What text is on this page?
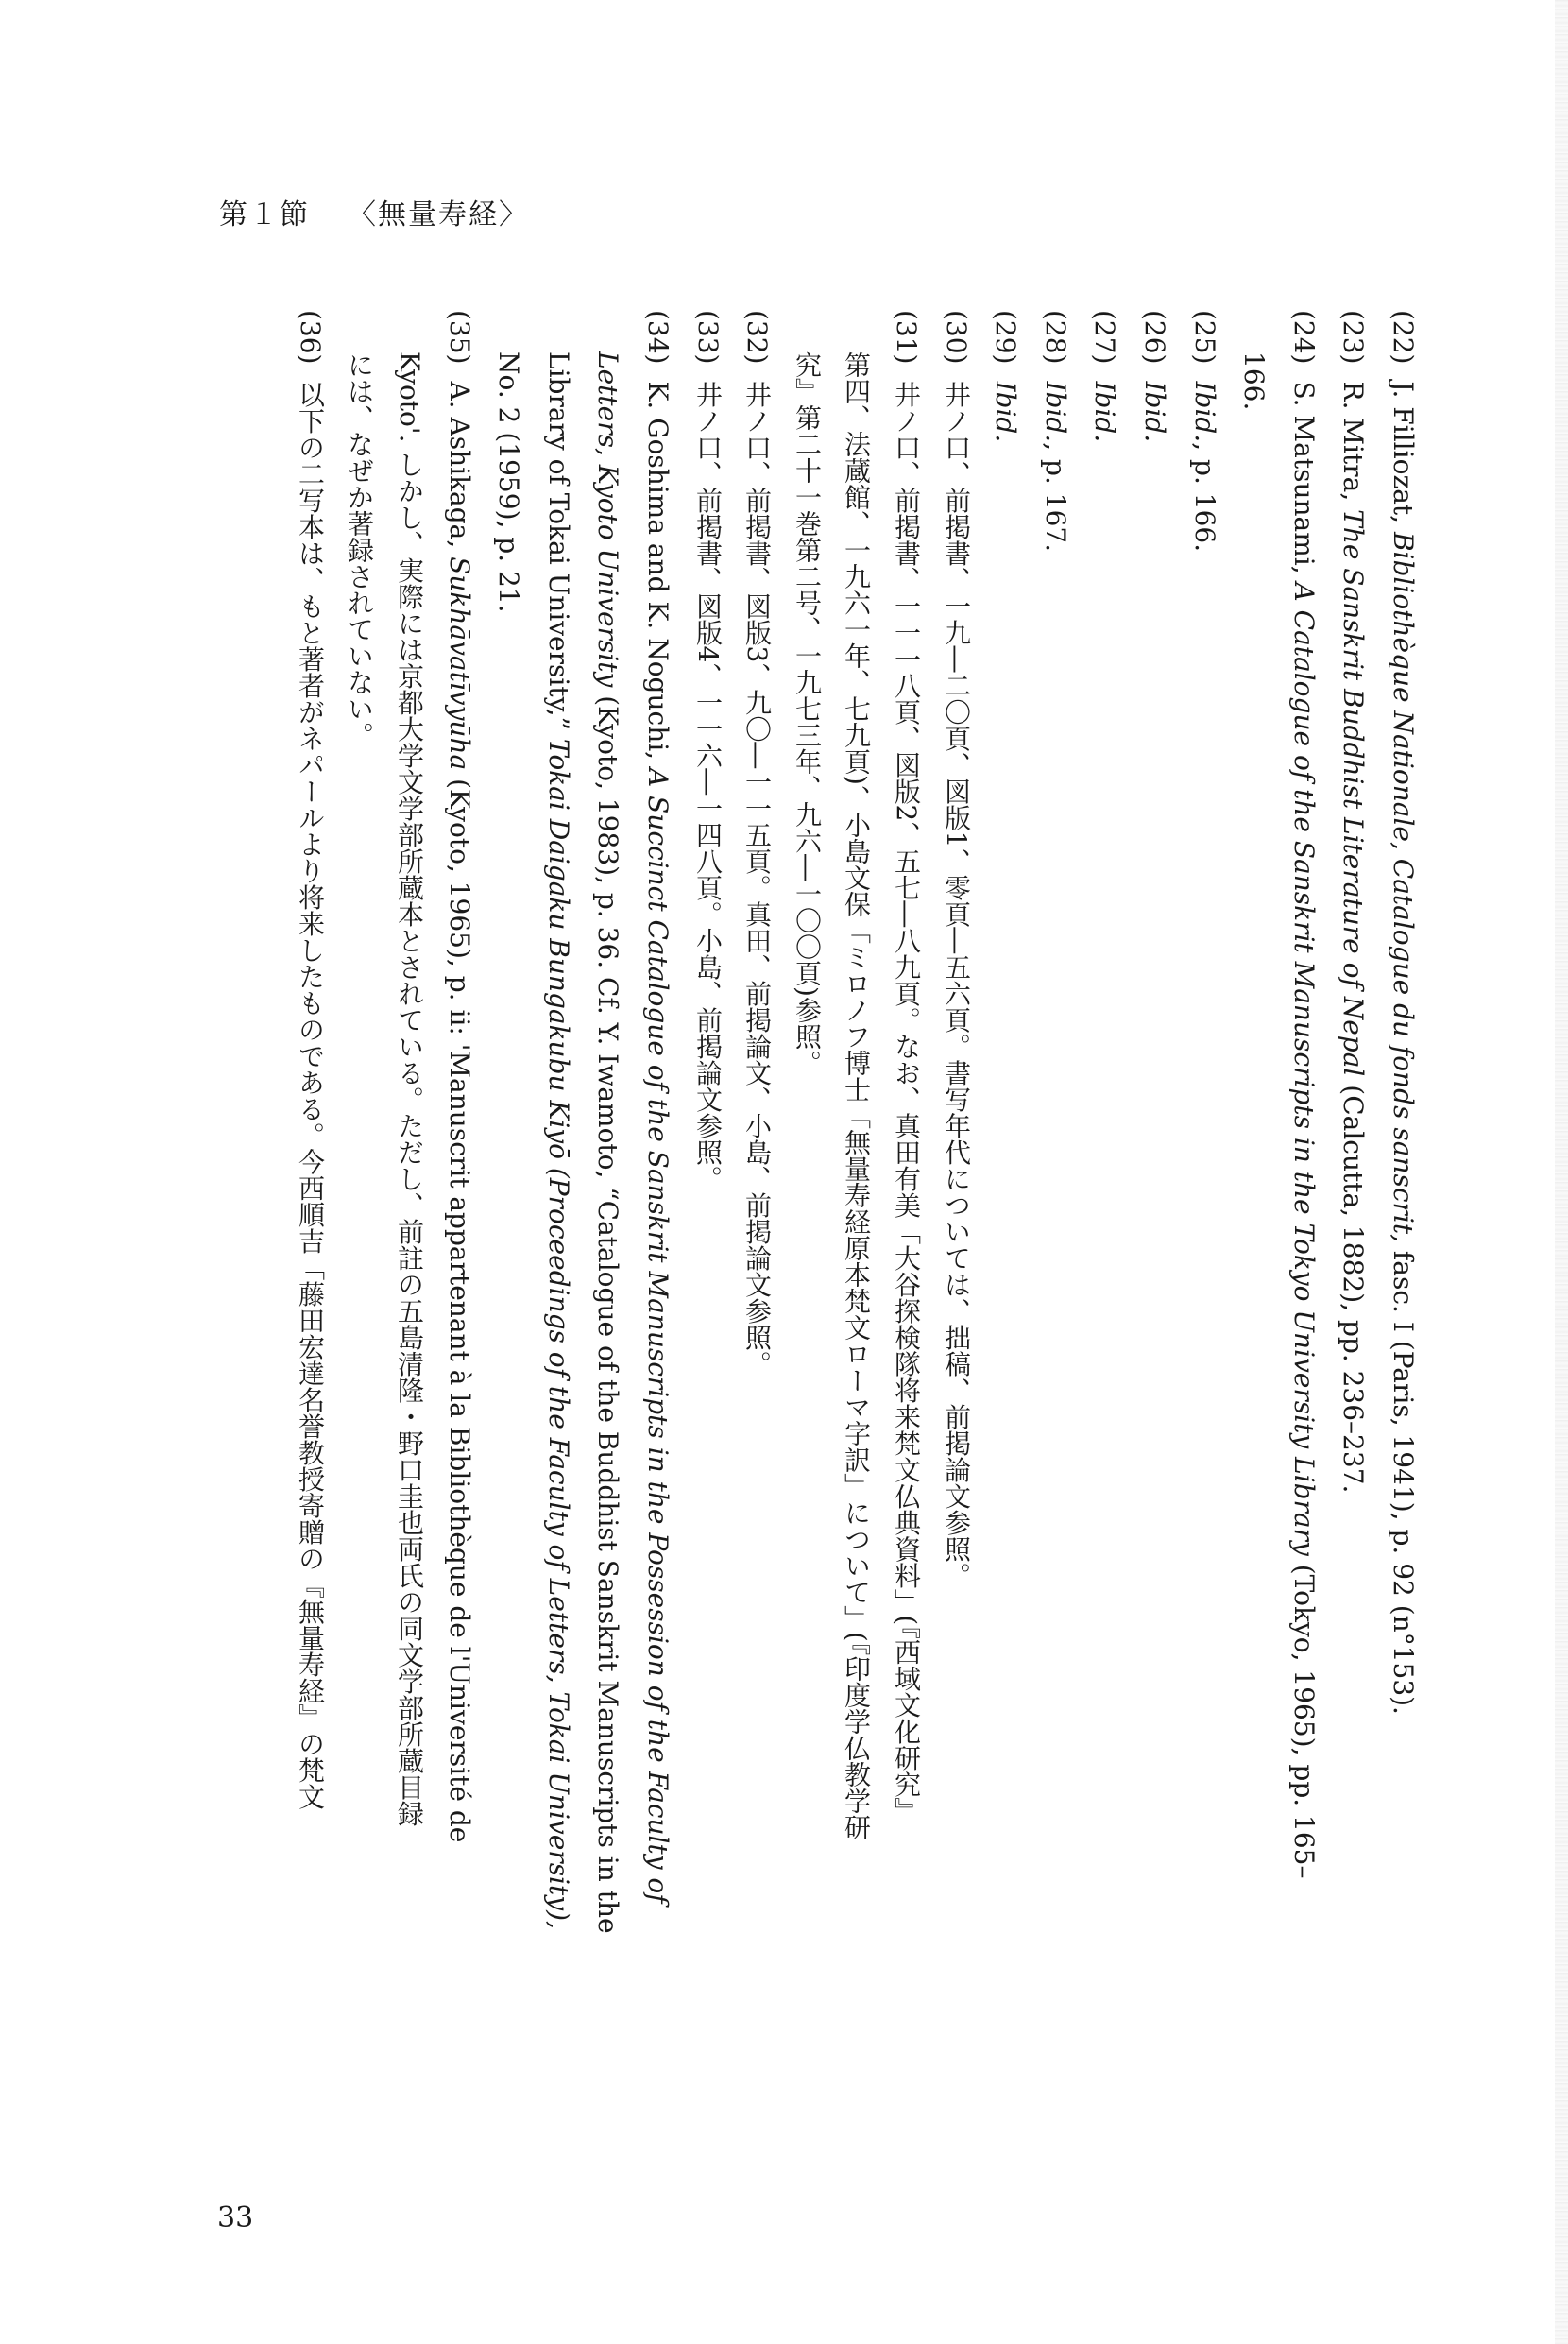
第１節 〈無量寿経〉
(22)J. Filliozat, Bibliothèque Nationale, Catalogue du fonds sanscrit, fasc. I (Paris, 1941), p. 92 (n°153).
(23)R. Mitra, The Sanskrit Buddhist Literature of Nepal (Calcutta, 1882), pp. 236–237.
(24)S. Matsunami, A Catalogue of the Sanskrit Manuscripts in the Tokyo University Library (Tokyo, 1965), pp. 165–
166.
(25)Ibid., p. 166.
(26)Ibid.
(27)Ibid.
(28)Ibid., p. 167.
(29)Ibid.
(30)井ノ口、前掲書、一九―二〇頁、図版1、零頁―五六頁。書写年代については、拙稿、前掲論文参照。
(31)井ノ口、前掲書、一一一八頁、図版2、五七―八九頁。なお、真田有美「大谷探検隊将来梵文仏典資料」(『西域文化研究』
第四、法蔵館、一九六一年、七九頁)、小島文保「ミロノフ博士「無量寿経原本梵文ローマ字訳」について」(『印度学仏教学研
究』第二十一巻第二号、一九七三年、九六―一〇〇頁)参照。
(32)井ノ口、前掲書、図版3、九〇―一一五頁。真田、前掲論文、小島、前掲論文参照。
(33)井ノ口、前掲書、図版4、一一六―一四八頁。小島、前掲論文参照。
(34)K. Goshima and K. Noguchi, A Succinct Catalogue of the Sanskrit Manuscripts in the Possession of the Faculty of
Letters, Kyoto University (Kyoto, 1983), p. 36. Cf. Y. Iwamoto, “Catalogue of the Buddhist Sanskrit Manuscripts in the
Library of Tokai University,” Tokai Daigaku Bungakubu Kiyō (Proceedings of the Faculty of Letters, Tokai University),
No. 2 (1959), p. 21.
(35)A. Ashikaga, Sukhāvatīvyūha (Kyoto, 1965), p. ii: 'Manuscrit appartenant à la Bibliothèque de l'Université de
Kyoto'. しかし、実際には京都大学文学部所蔵本とされている。ただし、前註の五島清隆・野口圭也両氏の同文学部所蔵目録
には、なぜか著録されていない。
(36)以下の二写本は、もと著者がネパールより将来したものである。今西順吉「藤田宏達名誉教授寄贈の『無量寿経』の梵文
33
